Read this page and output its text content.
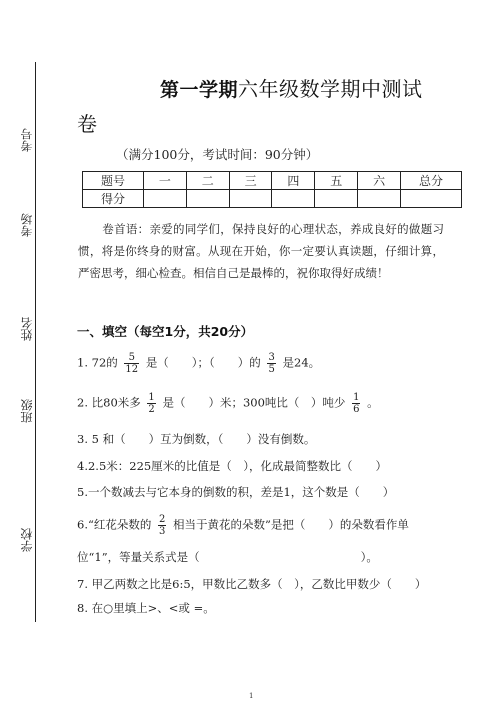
考号
考场
姓名
班级
学校
第一学期六年级数学期中测试
卷
（满分100分，考试时间：90分钟）
题号	一	二	三	四	五	六	总分
得分							
卷首语：亲爱的同学们，保持良好的心理状态，养成良好的做题习惯，将是你终身的财富。从现在开始，你一定要认真读题，仔细计算，严密思考，细心检查。相信自己是最棒的，祝你取得好成绩！
一、填空（每空1分，共20分）
1. 72的 $\frac{5}{12}$ 是（　　）；（　　）的 $\frac{3}{5}$ 是24。
2. 比80米多 $\frac{1}{2}$ 是（　　）米；300吨比（　）吨少 $\frac{1}{6}$ 。
3. 5 和（　　）互为倒数，（　　）没有倒数。
4.2.5米：225厘米的比值是（　），化成最简整数比（　　）
5.一个数减去与它本身的倒数的积，差是1，这个数是（　　）
6.“红花朵数的 $\frac{2}{3}$ 相当于黄花的朵数”是把（　　）的朵数看作单
位“1”，等量关系式是（　　　　　　　　　　　　　　）。
7. 甲乙两数之比是6:5，甲数比乙数多（　），乙数比甲数少（　　）
8. 在○里填上>、<或 =。
1
